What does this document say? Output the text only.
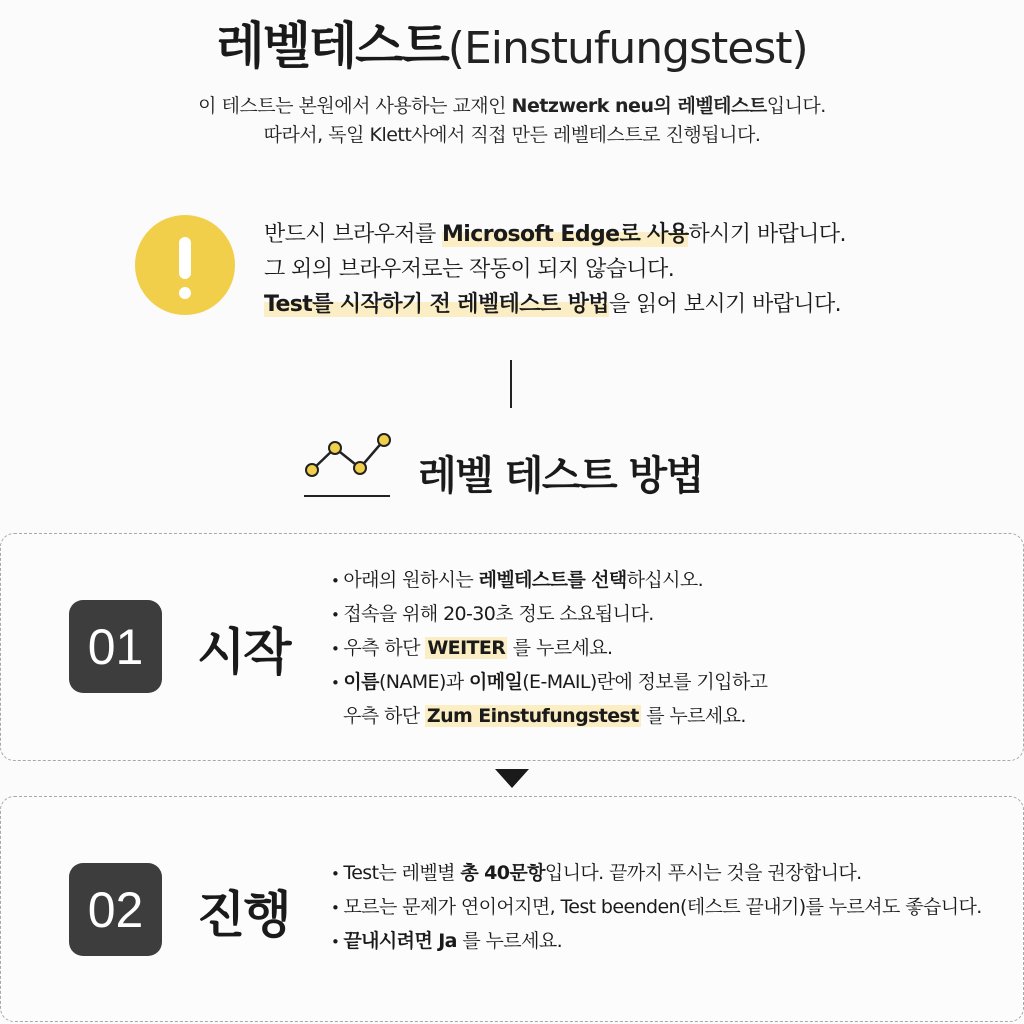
레벨테스트(Einstufungstest)
이 테스트는 본원에서 사용하는 교재인 Netzwerk neu의 레벨테스트입니다.
따라서, 독일 Klett사에서 직접 만든 레벨테스트로 진행됩니다.
반드시 브라우저를 Microsoft Edge로 사용하시기 바랍니다.
그 외의 브라우저로는 작동이 되지 않습니다.
Test를 시작하기 전 레벨테스트 방법을 읽어 보시기 바랍니다.
레벨 테스트 방법
01	시작
• 아래의 원하시는 레벨테스트를 선택하십시오.
• 접속을 위해 20-30초 정도 소요됩니다.
• 우측 하단 WEITER 를 누르세요.
• 이름(NAME)과 이메일(E-MAIL)란에 정보를 기입하고
우측 하단 Zum Einstufungstest 를 누르세요.
02	진행
• Test는 레벨별 총 40문항입니다. 끝까지 푸시는 것을 권장합니다.
• 모르는 문제가 연이어지면, Test beenden(테스트 끝내기)를 누르셔도 좋습니다.
• 끝내시려면 Ja 를 누르세요.
